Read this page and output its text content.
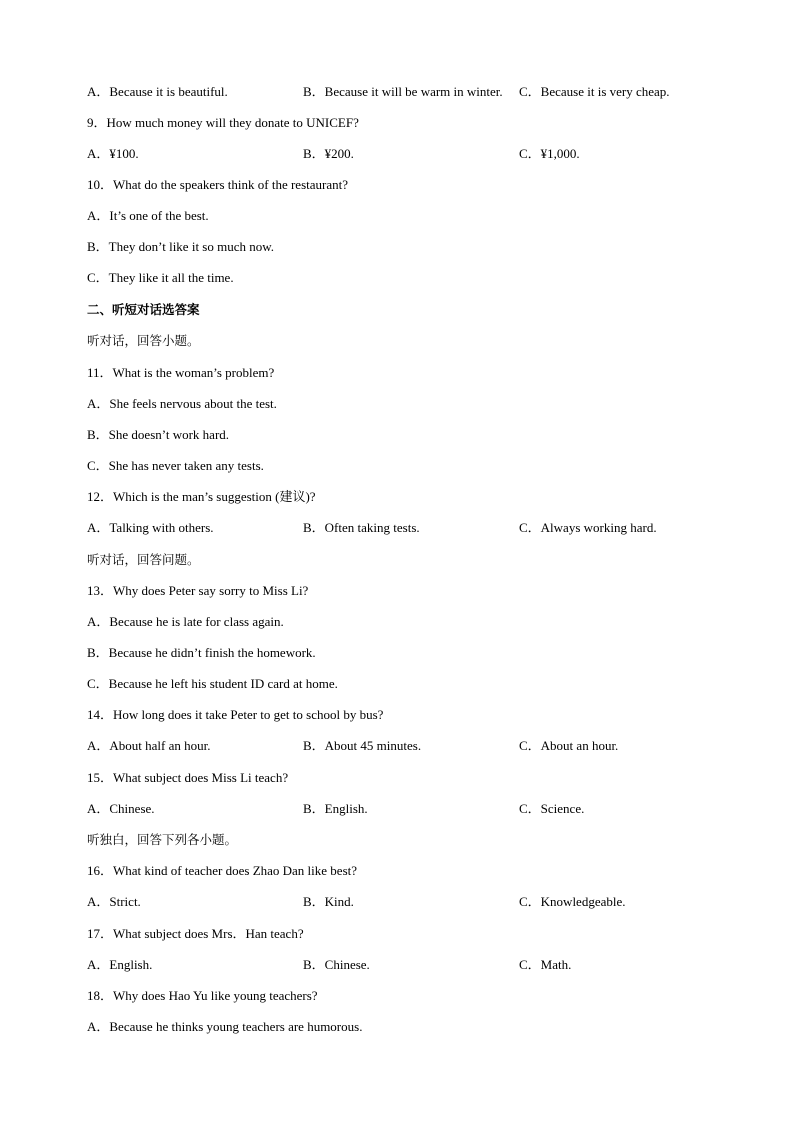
A．Because it is beautiful.	B．Because it will be warm in winter. C．Because it is very cheap.
9．How much money will they donate to UNICEF?
A．¥100.	B．¥200.	C．¥1,000.
10．What do the speakers think of the restaurant?
A．It’s one of the best.
B．They don’t like it so much now.
C．They like it all the time.
二、听短对话选答案
听对话，回答小题。
11．What is the woman’s problem?
A．She feels nervous about the test.
B．She doesn’t work hard.
C．She has never taken any tests.
12．Which is the man’s suggestion (建议)?
A．Talking with others.	B．Often taking tests.	C．Always working hard.
听对话，回答问题。
13．Why does Peter say sorry to Miss Li?
A．Because he is late for class again.
B．Because he didn’t finish the homework.
C．Because he left his student ID card at home.
14．How long does it take Peter to get to school by bus?
A．About half an hour.	B．About 45 minutes.	C．About an hour.
15．What subject does Miss Li teach?
A．Chinese.	B．English.	C．Science.
听独白，回答下列各小题。
16．What kind of teacher does Zhao Dan like best?
A．Strict.	B．Kind.	C．Knowledgeable.
17．What subject does Mrs．Han teach?
A．English.	B．Chinese.	C．Math.
18．Why does Hao Yu like young teachers?
A．Because he thinks young teachers are humorous.
